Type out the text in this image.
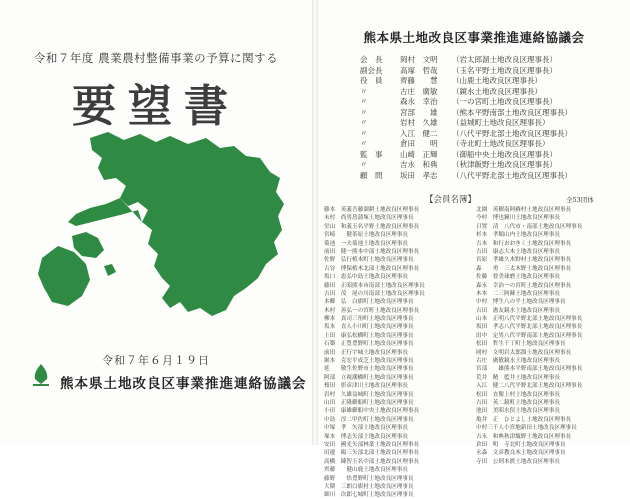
令和７年度 農業農村整備事業の予算に関する
要望書
令和７年６月１９日
熊本県土地改良区事業推進連絡協議会
熊本県土地改良区事業推進連絡協議会
会　長 岡村　文明 （岩太郎溜土地改良区理事長）
副会長 高塚　哲哉 （玉名平野土地改良区理事長）
役　員 齊藤　　慧 （山鹿土地改良区理事長）
〃	古庄　廣敏 （鏡水土地改良区理事長）
〃	森永　幸治 （一の宮町土地改良区理事長）
〃	宮部　　雄 （熊本平野南部土地改良区理事長）
〃	岩村　久雄 （益城町土地改良区理事長）
〃	入江　健二 （八代平野北部土地改良区理事長）
〃	倉田　　明 （寺北町土地改良区理事長）
監　事 山崎　正輝 （御船中央土地改良区理事長）
〃	吉永　和典 （秋津飯野土地改良区理事長）
顧　問 坂田　孝志 （八代平野北部土地改良区理事長）
【会員名簿】	全53団体
藤本　英義 吾藤溜耕土地改良区理事長
末村　尚男 菖蒲塚土地改良区理事長
堂山　和義 玉名平野土地改良区理事長
宮崎　　健 茶原土地改良区理事長
菊池　一夫 菊池土地改良区理事長
前田　健一 熊本中部土地改良区理事長
佐野　弘行 植木町土地改良区理事長
古谷　博保 植木北部土地改良区理事長
坂口　恵弘 中島土地改良区理事長
藤田　正昭 熊本市南部土地改良区理事長
吉田　茂 尾の川南部土地改良区理事長
本郷　弘 白旗町土地改良区理事長
木村　善弘 一の宮町土地改良区理事長
柳本　真司 三角町土地改良区理事長
坂本　直人 小川町土地改良区理事長
上田　康弘 松橋町土地改良区理事長
石築　正豊 豊野町土地改良区理事長
前田　正行 宇城土地改良区理事長
堀本　克宏 平成芝土地改良区理事長
延　　敬生 佐野市土地改良区理事長
阿部　立視 潮橋町土地改良区理事長
桜田　彰彦 津川土地改良区理事長
岩村　久雄 益城町土地改良区理事長
山田　正隆 御船町土地改良区理事長
小田　康雄 御船中央土地改良区理事長
中島　淳二 甲佐町土地改良区理事長
中塚　孝 矢部土地改良区理事長
塚本　博志 矢部土地改良区理事長
安田　國光 矢部林業土地改良区理事長
田邊　陽三 矢部北部土地改良区理事長
高橋　陳智 玉名中部土地改良区理事長
齊藤　　健 山鹿土地改良区理事長
藤野　　悟 豊野町土地改良区理事長
大隈　三朗 白旗村土地改良区理事長
細川　次郎 七城町土地改良区理事長
北園　英樹 南阿蘇村土地改良区理事長
今村　博也 鐘川土地改良区理事長
日置　清 八代市・南部土地改良区理事長
杉本　孝順 山内土地改良区理事長
吉本　和行 おおきく土地改良区理事長
吉田　康志 大木土地改良区理事長
宮原　孝雄 久木野村土地改良区理事長
森　　勇 三太木野土地改良区理事長
佐藤　智美 球磨土地改良区理事長
森永　幸治 一の宮町土地改良区理事長
木本　二三 阿蘇土地改良区理事長
中村　博生 八の平土地改良区理事長
吉田　憲友 鏡水土地改良区理事長
山本　正明 八代平野北部土地改良区理事長
坂田　孝志 八代平野北部土地改良区理事長
田中　定男 八代平野南部土地改良区理事長
松田　哲生 千丁町土地改良区理事長
岡村　文明 岩太郎溜土地改良区理事長
古庄　廣敏 鏡水土地改良区理事長
宮部　　雄 熊本平野南部土地改良区理事長
荒井　精 藍井土地改良区理事長
入江　健二 八代平野北部土地改良区理事長
松田　直衛 上村土地改良区理事長
吉田　英二 鏡町土地改良区理事長
池田　美昭 水俣土地改良区理事長
亀井　正 ひとよし土地改良区理事長
中村三千人 小宮地新田土地改良区理事長
吉永　和典 秋津飯野土地改良区理事長
倉田　明 寺北町土地改良区理事長
永森　文彦 教良木土地改良区理事長
寺田　公則 本渡土地改良区理事長
